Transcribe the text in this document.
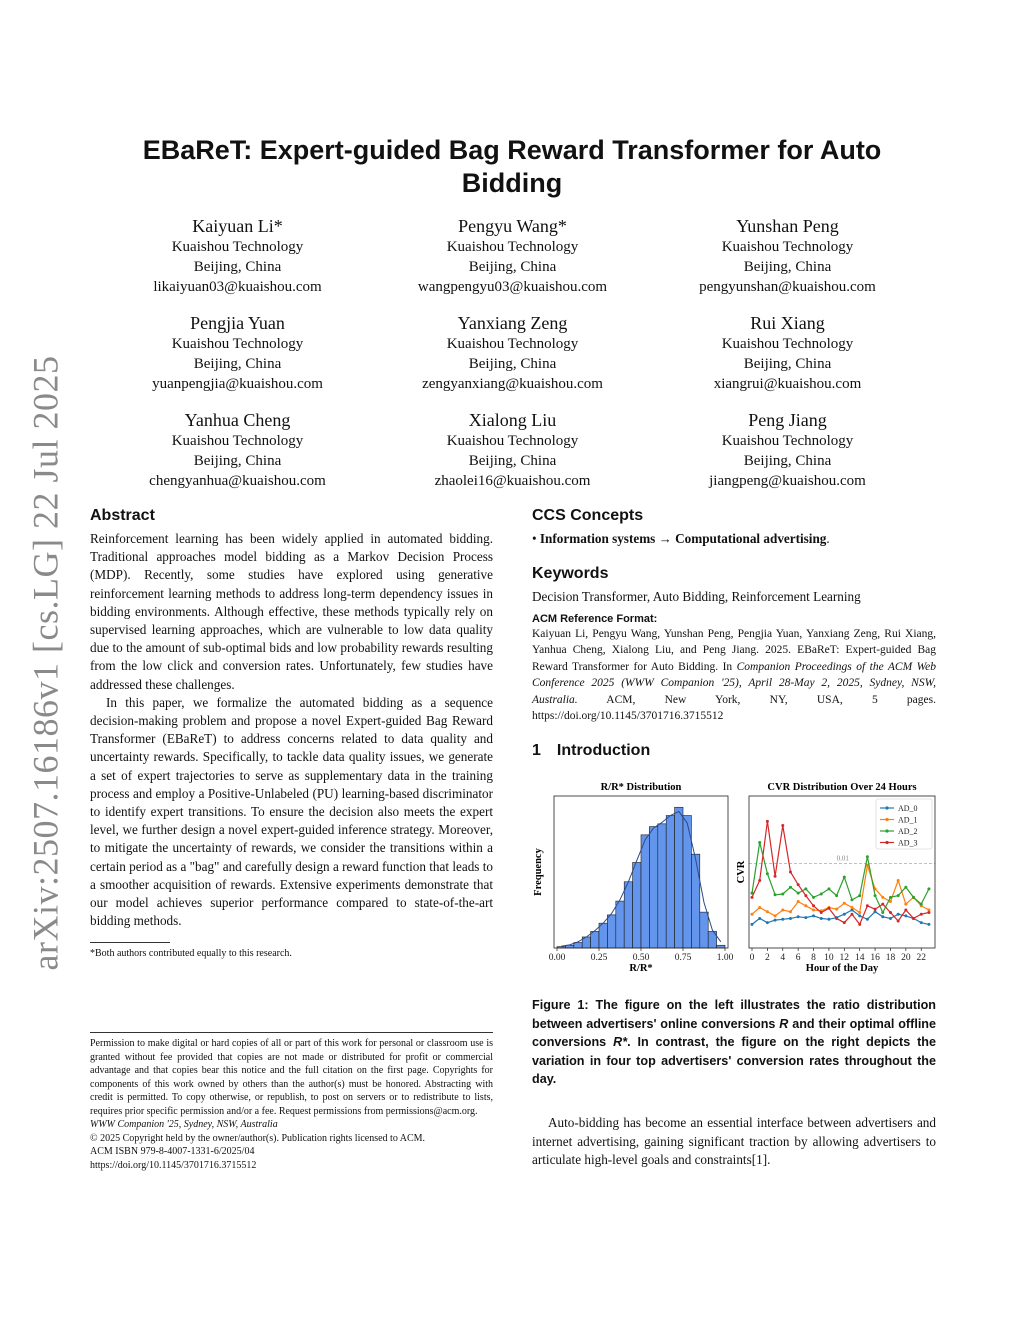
arXiv:2507.16186v1 [cs.LG] 22 Jul 2025
EBaReT: Expert-guided Bag Reward Transformer for Auto Bidding
Kaiyuan Li*
Kuaishou Technology
Beijing, China
likaiyuan03@kuaishou.com
Pengyu Wang*
Kuaishou Technology
Beijing, China
wangpengyu03@kuaishou.com
Yunshan Peng
Kuaishou Technology
Beijing, China
pengyunshan@kuaishou.com
Pengjia Yuan
Kuaishou Technology
Beijing, China
yuanpengjia@kuaishou.com
Yanxiang Zeng
Kuaishou Technology
Beijing, China
zengyanxiang@kuaishou.com
Rui Xiang
Kuaishou Technology
Beijing, China
xiangrui@kuaishou.com
Yanhua Cheng
Kuaishou Technology
Beijing, China
chengyanhua@kuaishou.com
Xialong Liu
Kuaishou Technology
Beijing, China
zhaolei16@kuaishou.com
Peng Jiang
Kuaishou Technology
Beijing, China
jiangpeng@kuaishou.com
Abstract

Reinforcement learning has been widely applied in automated bidding. Traditional approaches model bidding as a Markov Decision Process (MDP). Recently, some studies have explored using generative reinforcement learning methods to address long-term dependency issues in bidding environments. Although effective, these methods typically rely on supervised learning approaches, which are vulnerable to low data quality due to the amount of sub-optimal bids and low probability rewards resulting from the low click and conversion rates. Unfortunately, few studies have addressed these challenges.

In this paper, we formalize the automated bidding as a sequence decision-making problem and propose a novel Expert-guided Bag Reward Transformer (EBaReT) to address concerns related to data quality and uncertainty rewards. Specifically, to tackle data quality issues, we generate a set of expert trajectories to serve as supplementary data in the training process and employ a Positive-Unlabeled (PU) learning-based discriminator to identify expert transitions. To ensure the decision also meets the expert level, we further design a novel expert-guided inference strategy. Moreover, to mitigate the uncertainty of rewards, we consider the transitions within a certain period as a "bag" and carefully design a reward function that leads to a smoother acquisition of rewards. Extensive experiments demonstrate that our model achieves superior performance compared to state-of-the-art bidding methods.

*Both authors contributed equally to this research.

Permission to make digital or hard copies of all or part of this work for personal or classroom use is granted without fee provided that copies are not made or distributed for profit or commercial advantage and that copies bear this notice and the full citation on the first page. Copyrights for components of this work owned by others than the author(s) must be honored. Abstracting with credit is permitted. To copy otherwise, or republish, to post on servers or to redistribute to lists, requires prior specific permission and/or a fee. Request permissions from permissions@acm.org.

WWW Companion '25, Sydney, NSW, Australia

© 2025 Copyright held by the owner/author(s). Publication rights licensed to ACM.

ACM ISBN 979-8-4007-1331-6/2025/04

https://doi.org/10.1145/3701716.3715512

CCS Concepts

• Information systems → Computational advertising.

Keywords

Decision Transformer, Auto Bidding, Reinforcement Learning

ACM Reference Format:

Kaiyuan Li, Pengyu Wang, Yunshan Peng, Pengjia Yuan, Yanxiang Zeng, Rui Xiang, Yanhua Cheng, Xialong Liu, and Peng Jiang. 2025. EBaReT: Expert-guided Bag Reward Transformer for Auto Bidding. In Companion Proceedings of the ACM Web Conference 2025 (WWW Companion '25), April 28-May 2, 2025, Sydney, NSW, Australia. ACM, New York, NY, USA, 5 pages. https://doi.org/10.1145/3701716.3715512

1 Introduction
0.00	0.25	0.50	0.75	1.00
R/R* Distribution
R/R*
Frequency	0.01
0 2 4 6 8 10 12 14 16 18 20 22
CVR Distribution Over 24 Hours
Hour of the Day
CVR
AD_0
AD_1
AD_2
AD_3

Figure 1: The figure on the left illustrates the ratio distribution between advertisers' online conversions R and their optimal offline conversions R*. In contrast, the figure on the right depicts the variation in four top advertisers' conversion rates throughout the day.

Auto-bidding has become an essential interface between advertisers and internet advertising, gaining significant traction by allowing advertisers to articulate high-level goals and constraints[1].
